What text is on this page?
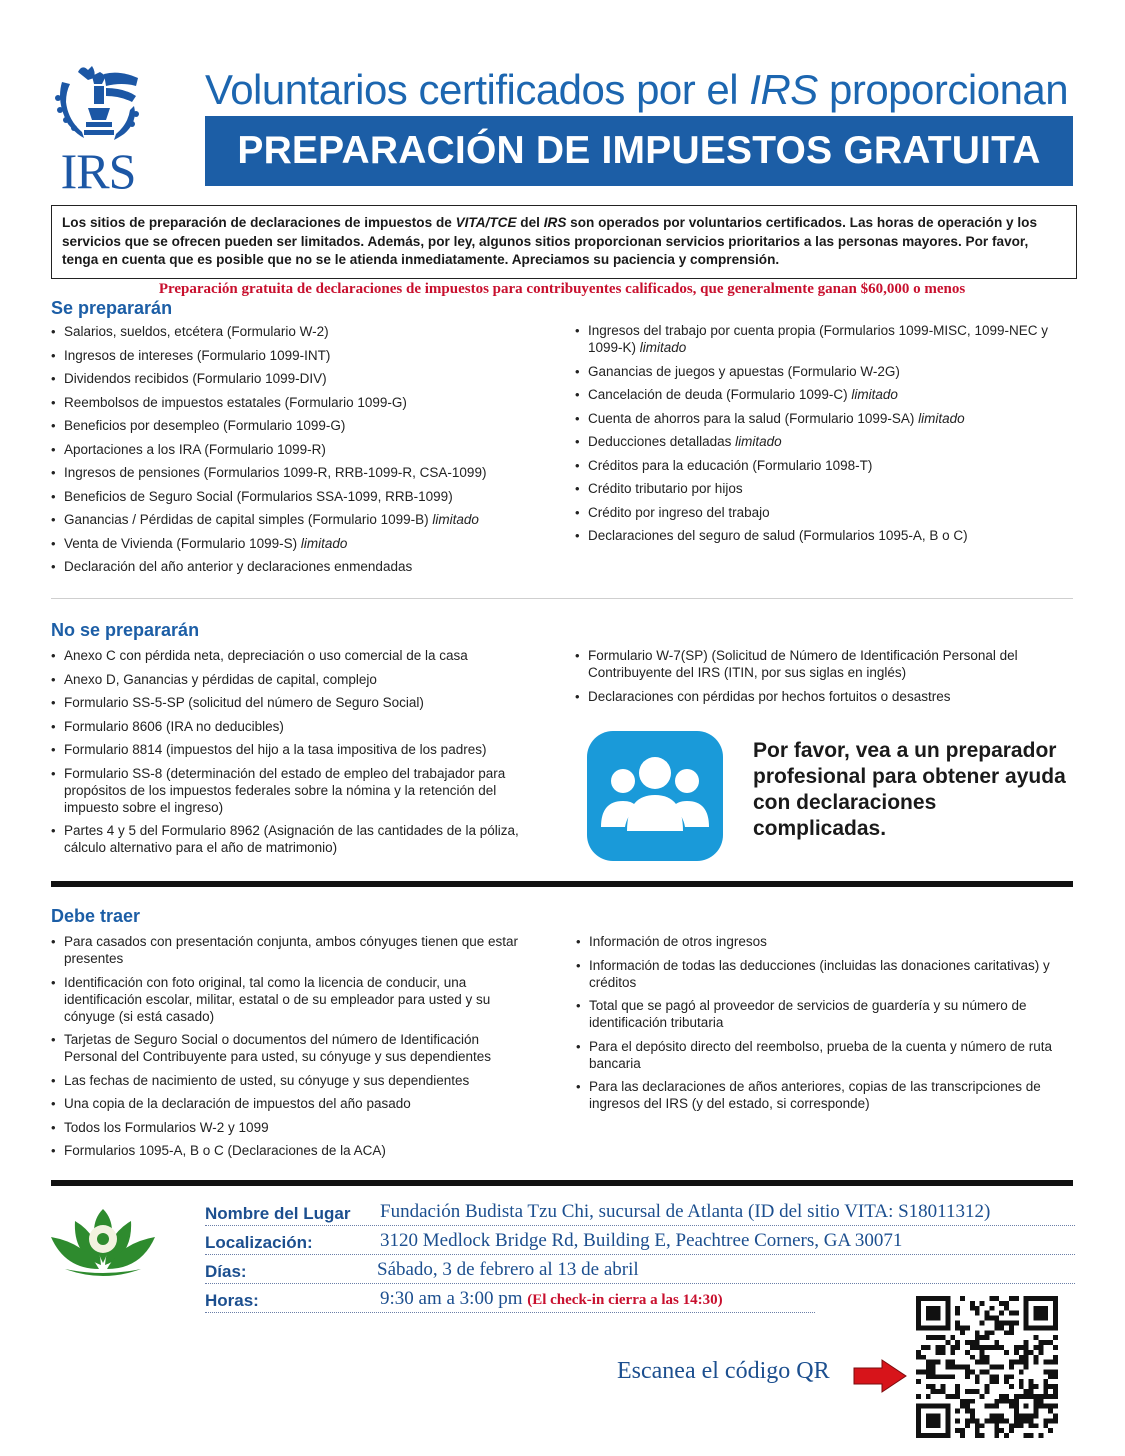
IRS
Voluntarios certificados por el IRS proporcionan
PREPARACIÓN DE IMPUESTOS GRATUITA
Los sitios de preparación de declaraciones de impuestos de VITA/TCE del IRS son operados por voluntarios certificados. Las horas de operación y los servicios que se ofrecen pueden ser limitados. Además, por ley, algunos sitios proporcionan servicios prioritarios a las personas mayores. Por favor, tenga en cuenta que es posible que no se le atienda inmediatamente. Apreciamos su paciencia y comprensión.
Preparación gratuita de declaraciones de impuestos para contribuyentes calificados, que generalmente ganan $60,000 o menos
Se prepararán
• Salarios, sueldos, etcétera (Formulario W-2)
• Ingresos de intereses (Formulario 1099-INT)
• Dividendos recibidos (Formulario 1099-DIV)
• Reembolsos de impuestos estatales (Formulario 1099-G)
• Beneficios por desempleo (Formulario 1099-G)
• Aportaciones a los IRA (Formulario 1099-R)
• Ingresos de pensiones (Formularios 1099-R, RRB-1099-R, CSA-1099)
• Beneficios de Seguro Social (Formularios SSA-1099, RRB-1099)
• Ganancias / Pérdidas de capital simples (Formulario 1099-B) limitado
• Venta de Vivienda (Formulario 1099-S) limitado
• Declaración del año anterior y declaraciones enmendadas
• Ingresos del trabajo por cuenta propia (Formularios 1099-MISC, 1099-NEC y 1099-K) limitado
• Ganancias de juegos y apuestas (Formulario W-2G)
• Cancelación de deuda (Formulario 1099-C) limitado
• Cuenta de ahorros para la salud (Formulario 1099-SA) limitado
• Deducciones detalladas limitado
• Créditos para la educación (Formulario 1098-T)
• Crédito tributario por hijos
• Crédito por ingreso del trabajo
• Declaraciones del seguro de salud (Formularios 1095-A, B o C)
No se prepararán
• Anexo C con pérdida neta, depreciación o uso comercial de la casa
• Anexo D, Ganancias y pérdidas de capital, complejo
• Formulario SS-5-SP (solicitud del número de Seguro Social)
• Formulario 8606 (IRA no deducibles)
• Formulario 8814 (impuestos del hijo a la tasa impositiva de los padres)
• Formulario SS-8 (determinación del estado de empleo del trabajador para propósitos de los impuestos federales sobre la nómina y la retención del impuesto sobre el ingreso)
• Partes 4 y 5 del Formulario 8962 (Asignación de las cantidades de la póliza, cálculo alternativo para el año de matrimonio)
• Formulario W-7(SP) (Solicitud de Número de Identificación Personal del Contribuyente del IRS (ITIN, por sus siglas en inglés)
• Declaraciones con pérdidas por hechos fortuitos o desastres
Por favor, vea a un preparador profesional para obtener ayuda con declaraciones complicadas.
Debe traer
• Para casados con presentación conjunta, ambos cónyuges tienen que estar presentes
• Identificación con foto original, tal como la licencia de conducir, una identificación escolar, militar, estatal o de su empleador para usted y su cónyuge (si está casado)
• Tarjetas de Seguro Social o documentos del número de Identificación Personal del Contribuyente para usted, su cónyuge y sus dependientes
• Las fechas de nacimiento de usted, su cónyuge y sus dependientes
• Una copia de la declaración de impuestos del año pasado
• Todos los Formularios W-2 y 1099
• Formularios 1095-A, B o C (Declaraciones de la ACA)
• Información de otros ingresos
• Información de todas las deducciones (incluidas las donaciones caritativas) y créditos
• Total que se pagó al proveedor de servicios de guardería y su número de identificación tributaria
• Para el depósito directo del reembolso, prueba de la cuenta y número de ruta bancaria
• Para las declaraciones de años anteriores, copias de las transcripciones de ingresos del IRS (y del estado, si corresponde)
Nombre del Lugar Fundación Budista Tzu Chi, sucursal de Atlanta (ID del sitio VITA: S18011312)
Localización:	3120 Medlock Bridge Rd, Building E, Peachtree Corners, GA 30071
Días:	Sábado, 3 de febrero al 13 de abril
Horas:	9:30 am a 3:00 pm (El check-in cierra a las 14:30)
Escanea el código QR
